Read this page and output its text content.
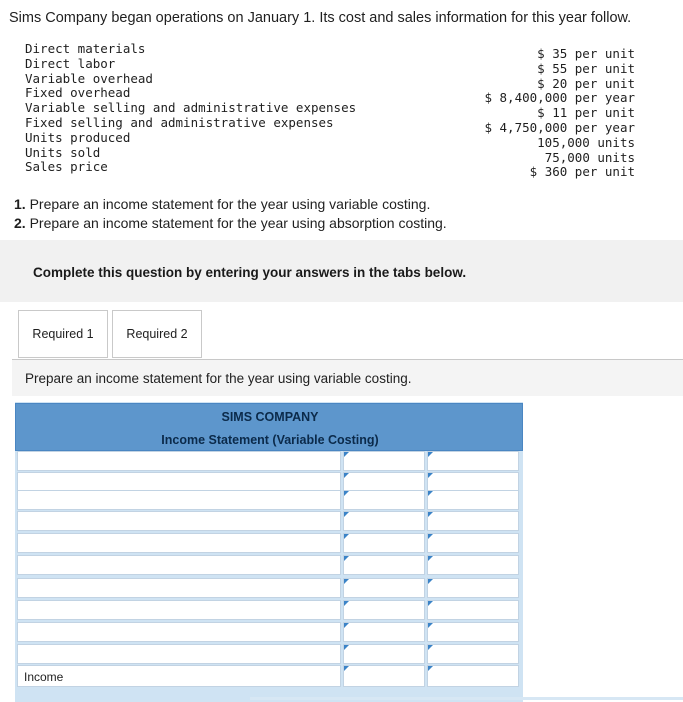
Sims Company began operations on January 1. Its cost and sales information for this year follow.
Direct materials
Direct labor
Variable overhead
Fixed overhead
Variable selling and administrative expenses
Fixed selling and administrative expenses
Units produced
Units sold
Sales price
$ 35 per unit
$ 55 per unit
$ 20 per unit
$ 8,400,000 per year
$ 11 per unit
$ 4,750,000 per year
105,000 units
75,000 units
$ 360 per unit
1. Prepare an income statement for the year using variable costing.
2. Prepare an income statement for the year using absorption costing.
Complete this question by entering your answers in the tabs below.
Required 1	Required 2
Prepare an income statement for the year using variable costing.
SIMS COMPANY
Income Statement (Variable Costing)
Income
